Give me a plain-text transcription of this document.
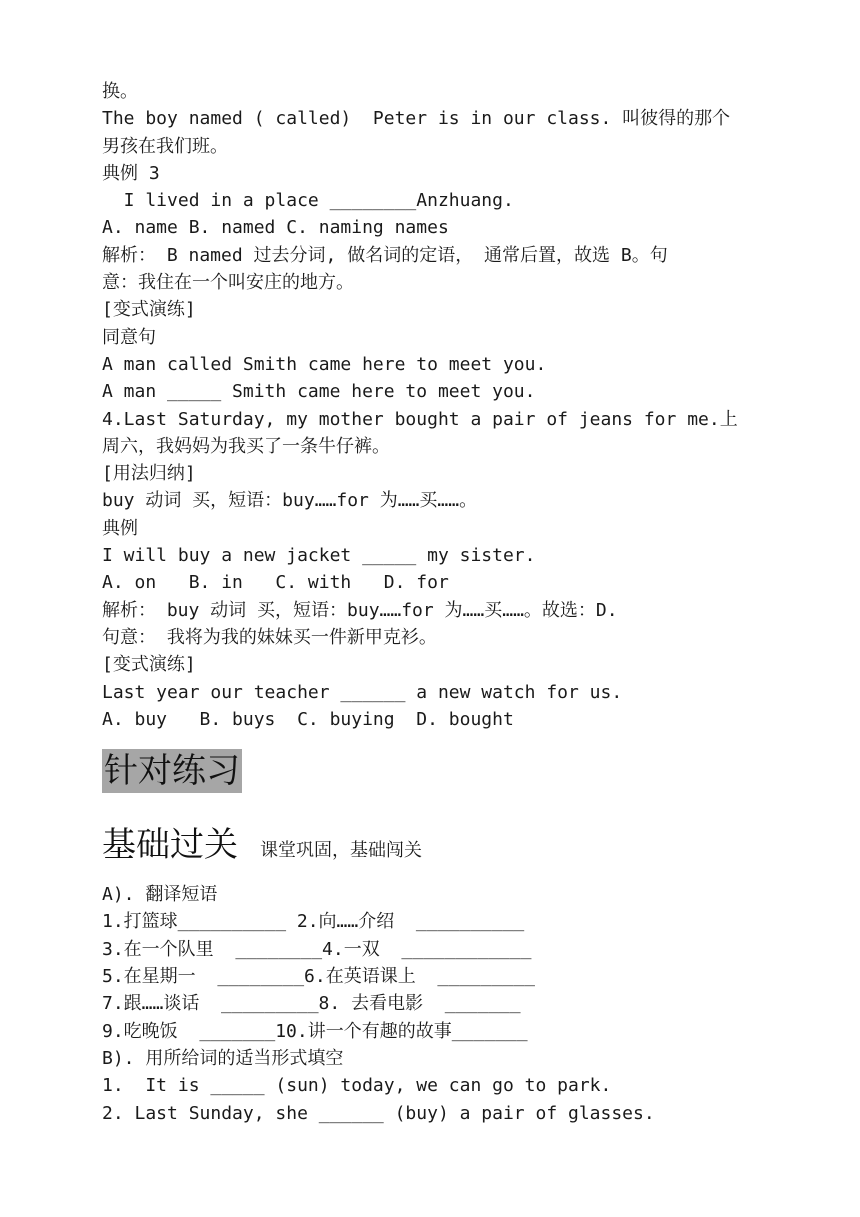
换。
The boy named ( called)  Peter is in our class. 叫彼得的那个
男孩在我们班。
典例 3
I lived in a place ________Anzhuang.
A. name B. named C. naming names
解析： B named 过去分词, 做名词的定语， 通常后置，故选 B。句
意：我住在一个叫安庄的地方。
[变式演练]
同意句
A man called Smith came here to meet you.
A man _____ Smith came here to meet you.
4.Last Saturday, my mother bought a pair of jeans for me.上
周六，我妈妈为我买了一条牛仔裤。
[用法归纳]
buy 动词 买，短语：buy……for 为……买……。
典例
I will buy a new jacket _____ my sister.
A. on   B. in   C. with   D. for
解析： buy 动词 买，短语：buy……for 为……买……。故选：D.
句意： 我将为我的妹妹买一件新甲克衫。
[变式演练]
Last year our teacher ______ a new watch for us.
A. buy   B. buys  C. buying  D. bought
针对练习
基础过关 课堂巩固，基础闯关
A). 翻译短语
1.打篮球__________ 2.向……介绍  __________
3.在一个队里  ________4.一双  ____________
5.在星期一  ________6.在英语课上  _________
7.跟……谈话  _________8. 去看电影  _______
9.吃晚饭  _______10.讲一个有趣的故事_______
B). 用所给词的适当形式填空
1.  It is _____ (sun) today, we can go to park.
2. Last Sunday, she ______ (buy) a pair of glasses.
